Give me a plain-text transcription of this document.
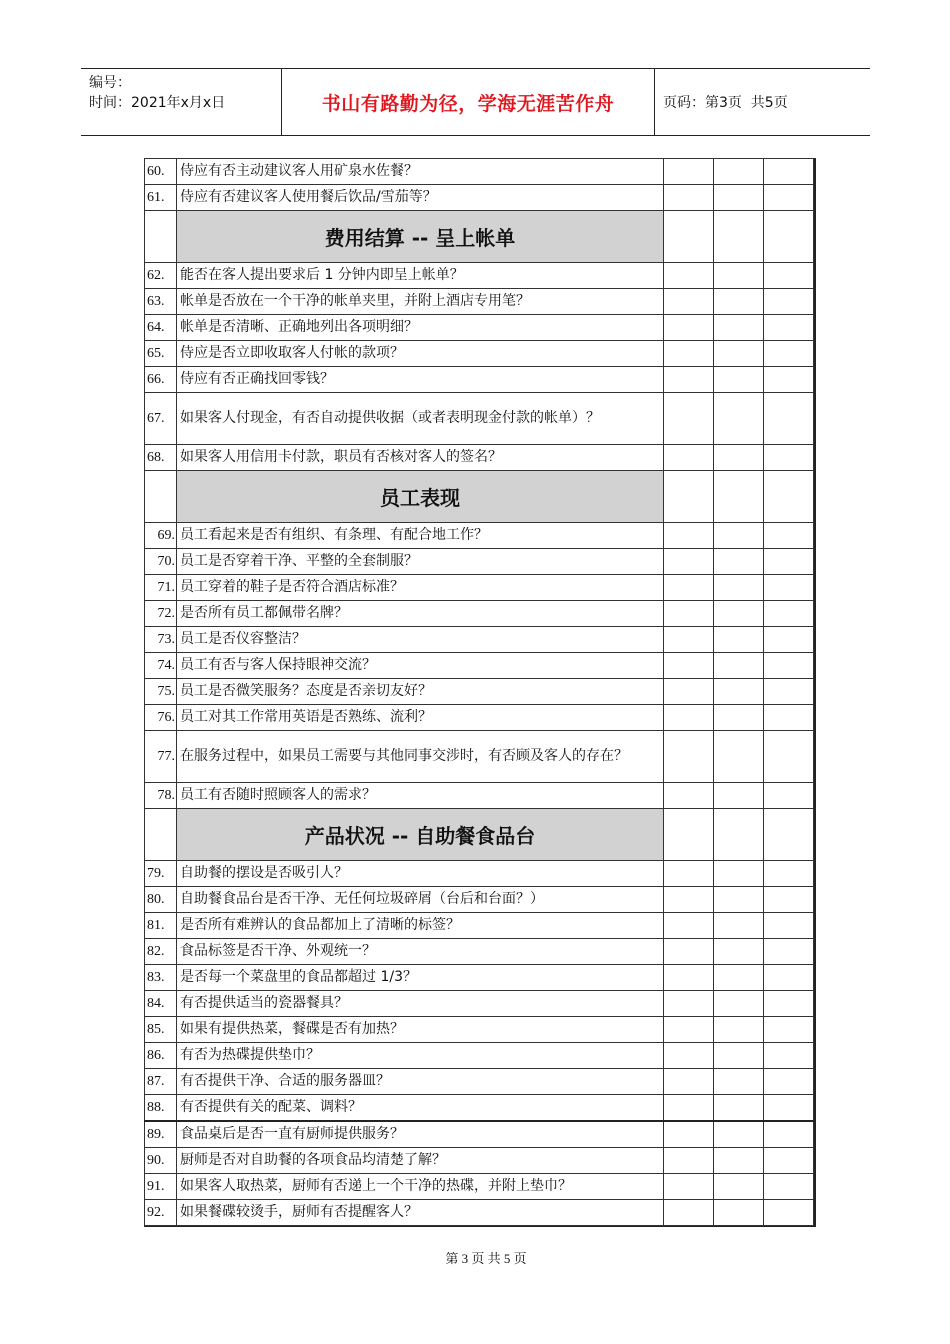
编号：
时间：2021年x月x日	书山有路勤为径，学海无涯苦作舟	页码：第3页  共5页
60.	侍应有否主动建议客人用矿泉水佐餐？			
61.	侍应有否建议客人使用餐后饮品/雪茄等？			
	费用结算 -- 呈上帐单			
62.	能否在客人提出要求后 1 分钟内即呈上帐单？			
63.	帐单是否放在一个干净的帐单夹里，并附上酒店专用笔？			
64.	帐单是否清晰、正确地列出各项明细？			
65.	侍应是否立即收取客人付帐的款项？			
66.	侍应有否正确找回零钱？			
67.	如果客人付现金，有否自动提供收据（或者表明现金付款的帐单）？			
68.	如果客人用信用卡付款，职员有否核对客人的签名？			
	员工表现			
69.	员工看起来是否有组织、有条理、有配合地工作？			
70.	员工是否穿着干净、平整的全套制服？			
71.	员工穿着的鞋子是否符合酒店标准？			
72.	是否所有员工都佩带名牌？			
73.	员工是否仪容整洁？			
74.	员工有否与客人保持眼神交流？			
75.	员工是否微笑服务？态度是否亲切友好？			
76.	员工对其工作常用英语是否熟练、流利？			
77.	在服务过程中，如果员工需要与其他同事交涉时，有否顾及客人的存在？			
78.	员工有否随时照顾客人的需求？			
	产品状况 -- 自助餐食品台			
79.	自助餐的摆设是否吸引人？			
80.	自助餐食品台是否干净、无任何垃圾碎屑（台后和台面？）			
81.	是否所有难辨认的食品都加上了清晰的标签？			
82.	食品标签是否干净、外观统一？			
83.	是否每一个菜盘里的食品都超过 1/3？			
84.	有否提供适当的瓷器餐具？			
85.	如果有提供热菜，餐碟是否有加热？			
86.	有否为热碟提供垫巾？			
87.	有否提供干净、合适的服务器皿？			
88.	有否提供有关的配菜、调料？			
89.	食品桌后是否一直有厨师提供服务？			
90.	厨师是否对自助餐的各项食品均清楚了解？			
91.	如果客人取热菜，厨师有否递上一个干净的热碟，并附上垫巾？			
92.	如果餐碟较烫手，厨师有否提醒客人？			
第 3 页 共 5 页
